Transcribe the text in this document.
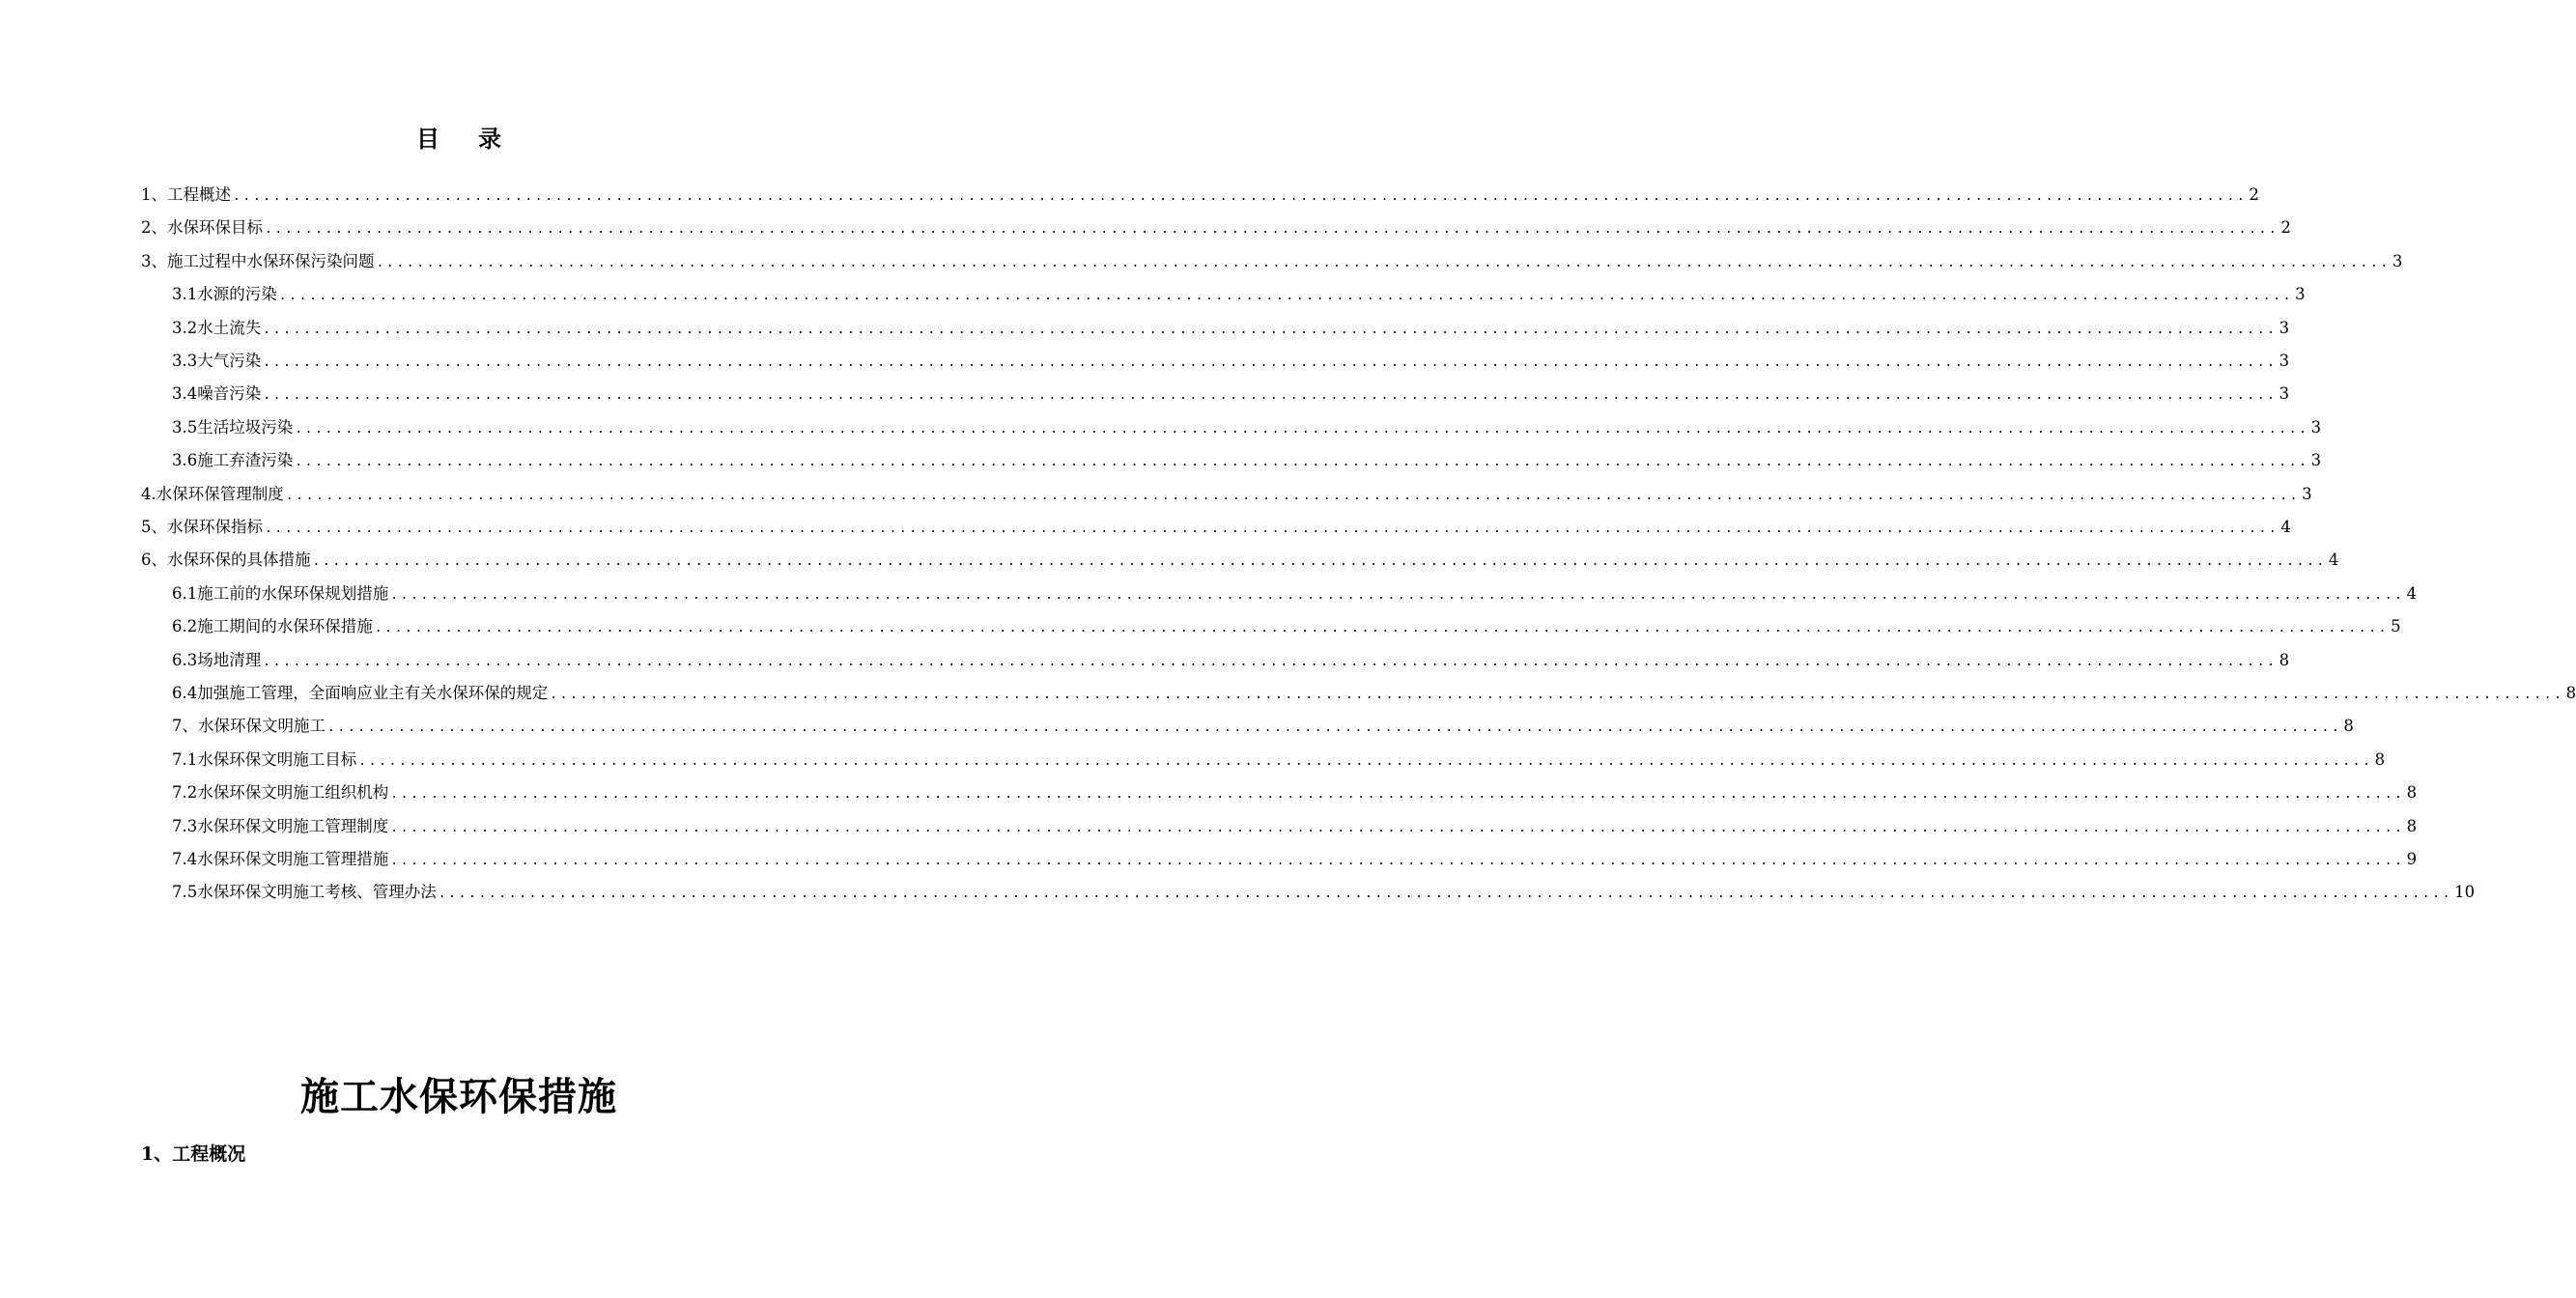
目 录
1、工程概述 ........................................................................................................................................................................................................ 2
2、水保环保目标 ........................................................................................................................................................................................................ 2
3、施工过程中水保环保污染问题 ........................................................................................................................................................................................................ 3
3.1水源的污染 ........................................................................................................................................................................................................ 3
3.2水土流失 ........................................................................................................................................................................................................ 3
3.3大气污染 ........................................................................................................................................................................................................ 3
3.4噪音污染 ........................................................................................................................................................................................................ 3
3.5生活垃圾污染 ........................................................................................................................................................................................................ 3
3.6施工弃渣污染 ........................................................................................................................................................................................................ 3
4.水保环保管理制度 ........................................................................................................................................................................................................ 3
5、水保环保指标 ........................................................................................................................................................................................................ 4
6、水保环保的具体措施 ........................................................................................................................................................................................................ 4
6.1施工前的水保环保规划措施 ........................................................................................................................................................................................................ 4
6.2施工期间的水保环保措施 ........................................................................................................................................................................................................ 5
6.3场地清理 ........................................................................................................................................................................................................ 8
6.4加强施工管理，全面响应业主有关水保环保的规定 ........................................................................................................................................................................................................ 8
7、水保环保文明施工 ........................................................................................................................................................................................................ 8
7.1水保环保文明施工目标 ........................................................................................................................................................................................................ 8
7.2水保环保文明施工组织机构 ........................................................................................................................................................................................................ 8
7.3水保环保文明施工管理制度 ........................................................................................................................................................................................................ 8
7.4水保环保文明施工管理措施 ........................................................................................................................................................................................................ 9
7.5水保环保文明施工考核、管理办法 ........................................................................................................................................................................................................ 10
施工水保环保措施
1、工程概况
